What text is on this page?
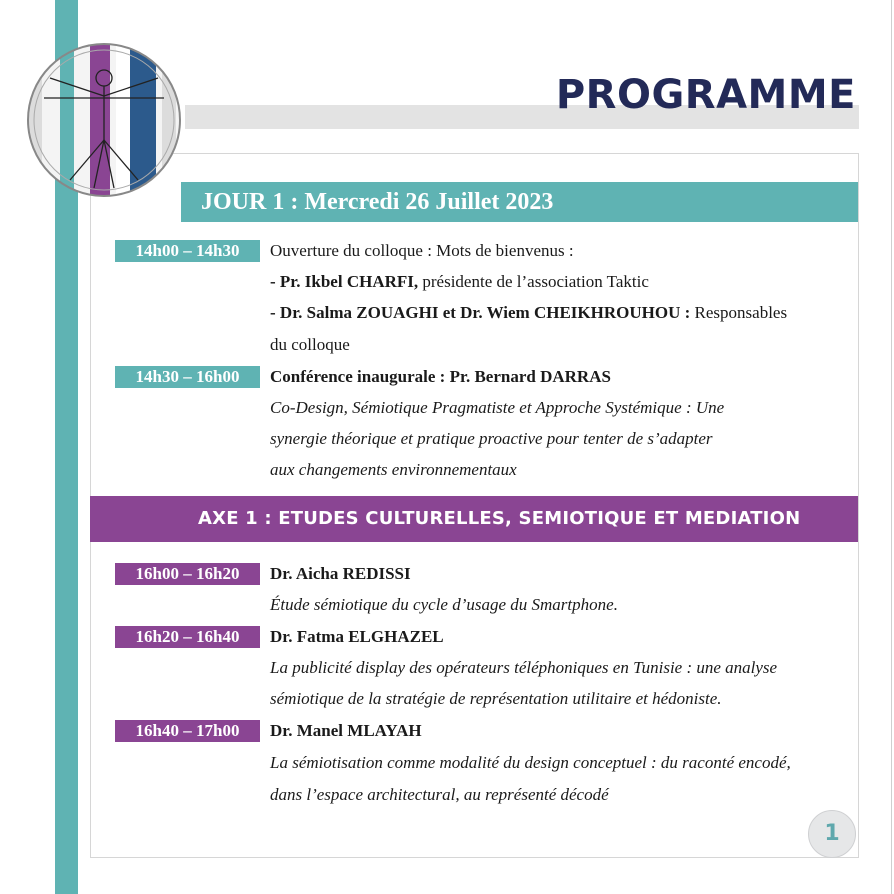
PROGRAMME
JOUR 1 : Mercredi 26 Juillet 2023
14h00 – 14h30	Ouverture du colloque : Mots de bienvenus :
- Pr. Ikbel CHARFI, présidente de l’association Taktic
- Dr. Salma ZOUAGHI et Dr. Wiem CHEIKHROUHOU : Responsables
du colloque
14h30 – 16h00	Conférence inaugurale : Pr. Bernard DARRAS
Co-Design, Sémiotique Pragmatiste et Approche Systémique : Une
synergie théorique et pratique proactive pour tenter de s’adapter
aux changements environnementaux
AXE 1 : ETUDES CULTURELLES, SEMIOTIQUE ET MEDIATION
16h00 – 16h20	Dr. Aicha REDISSI
Étude sémiotique du cycle d’usage du Smartphone.
16h20 – 16h40	Dr. Fatma ELGHAZEL
La publicité display des opérateurs téléphoniques en Tunisie : une analyse
sémiotique de la stratégie de représentation utilitaire et hédoniste.
16h40 – 17h00	Dr. Manel MLAYAH
La sémiotisation comme modalité du design conceptuel : du raconté encodé,
dans l’espace architectural, au représenté décodé
1
